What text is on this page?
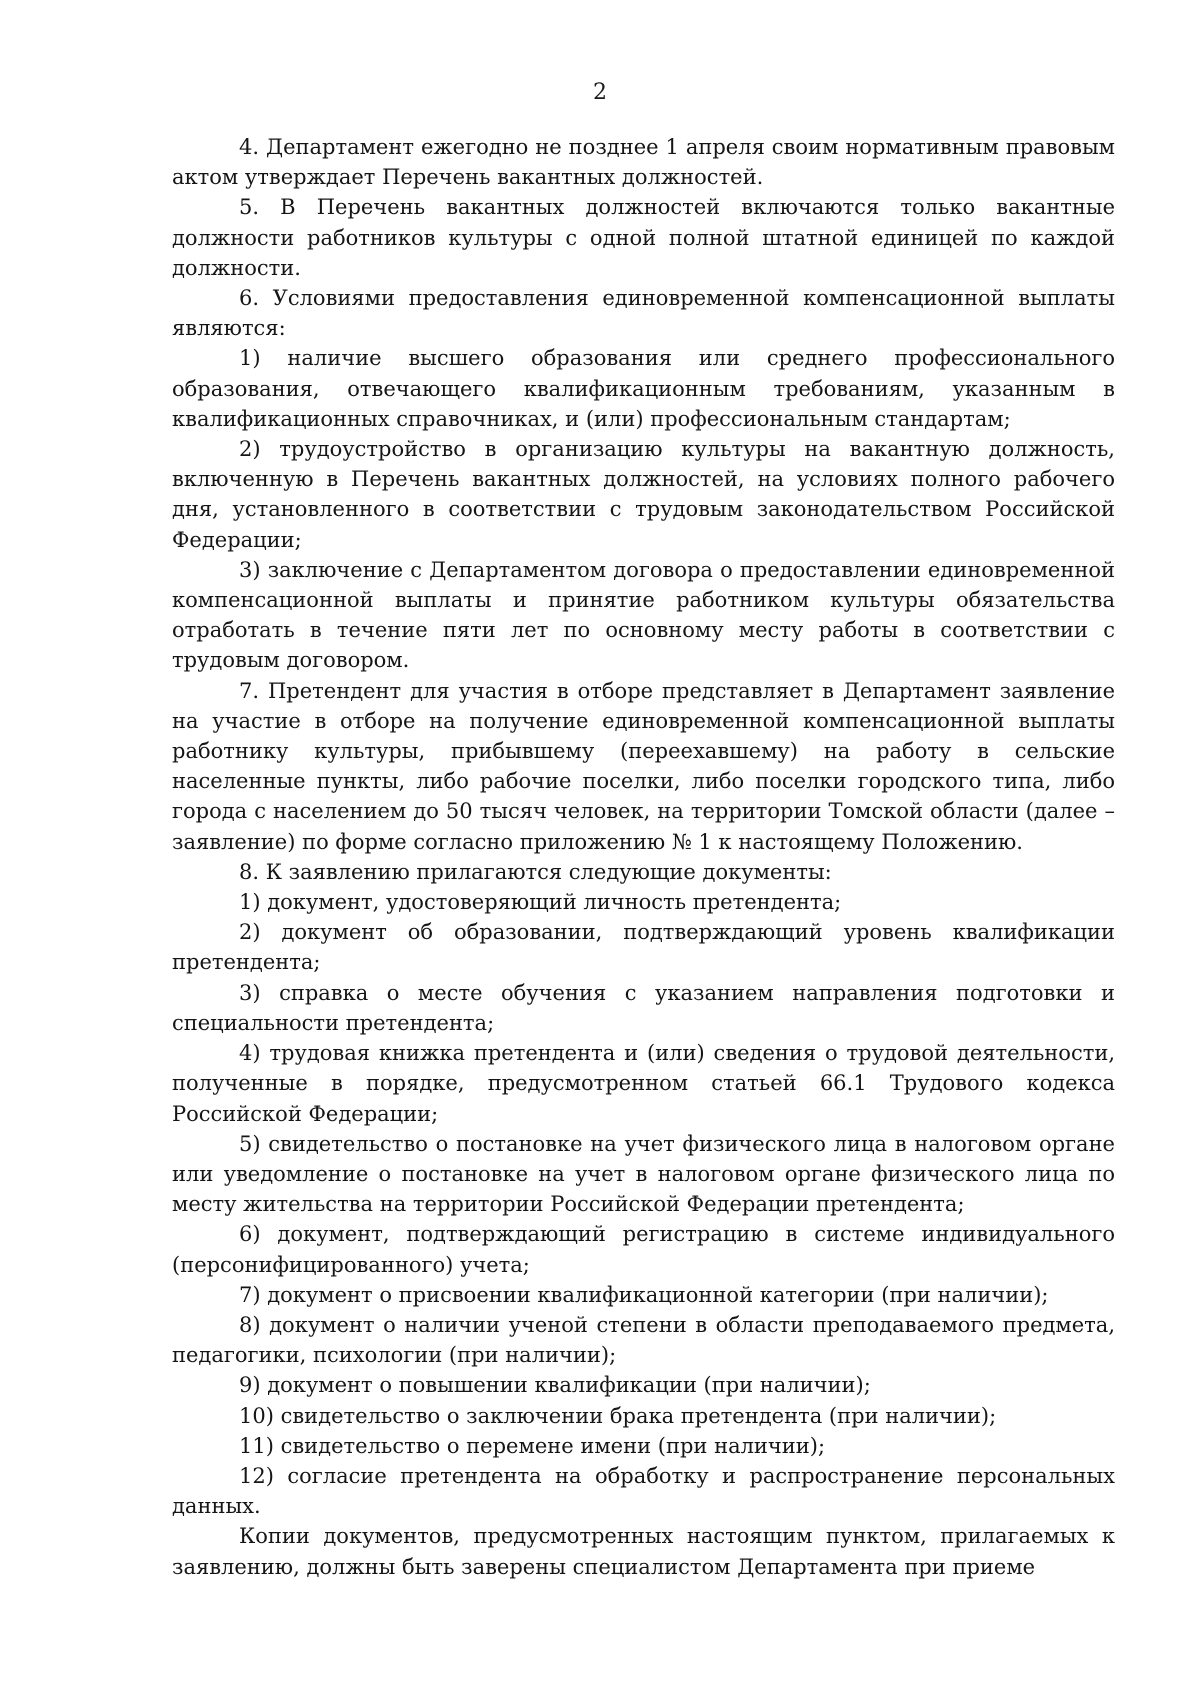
2

4. Департамент ежегодно не позднее 1 апреля своим нормативным правовым актом утверждает Перечень вакантных должностей.

5. В Перечень вакантных должностей включаются только вакантные должности работников культуры с одной полной штатной единицей по каждой должности.

6. Условиями предоставления единовременной компенсационной выплаты являются:

1) наличие высшего образования или среднего профессионального образования, отвечающего квалификационным требованиям, указанным в квалификационных справочниках, и (или) профессиональным стандартам;

2) трудоустройство в организацию культуры на вакантную должность, включенную в Перечень вакантных должностей, на условиях полного рабочего дня, установленного в соответствии с трудовым законодательством Российской Федерации;

3) заключение с Департаментом договора о предоставлении единовременной компенсационной выплаты и принятие работником культуры обязательства отработать в течение пяти лет по основному месту работы в соответствии с трудовым договором.

7. Претендент для участия в отборе представляет в Департамент заявление на участие в отборе на получение единовременной компенсационной выплаты работнику культуры, прибывшему (переехавшему) на работу в сельские населенные пункты, либо рабочие поселки, либо поселки городского типа, либо города с населением до 50 тысяч человек, на территории Томской области (далее – заявление) по форме согласно приложению № 1 к настоящему Положению.

8. К заявлению прилагаются следующие документы:

1) документ, удостоверяющий личность претендента;

2) документ об образовании, подтверждающий уровень квалификации претендента;

3) справка о месте обучения с указанием направления подготовки и специальности претендента;

4) трудовая книжка претендента и (или) сведения о трудовой деятельности, полученные в порядке, предусмотренном статьей 66.1 Трудового кодекса Российской Федерации;

5) свидетельство о постановке на учет физического лица в налоговом органе или уведомление о постановке на учет в налоговом органе физического лица по месту жительства на территории Российской Федерации претендента;

6) документ, подтверждающий регистрацию в системе индивидуального (персонифицированного) учета;

7) документ о присвоении квалификационной категории (при наличии);

8) документ о наличии ученой степени в области преподаваемого предмета, педагогики, психологии (при наличии);

9) документ о повышении квалификации (при наличии);

10) свидетельство о заключении брака претендента (при наличии);

11) свидетельство о перемене имени (при наличии);

12) согласие претендента на обработку и распространение персональных данных.

Копии документов, предусмотренных настоящим пунктом, прилагаемых к заявлению, должны быть заверены специалистом Департамента при приеме
